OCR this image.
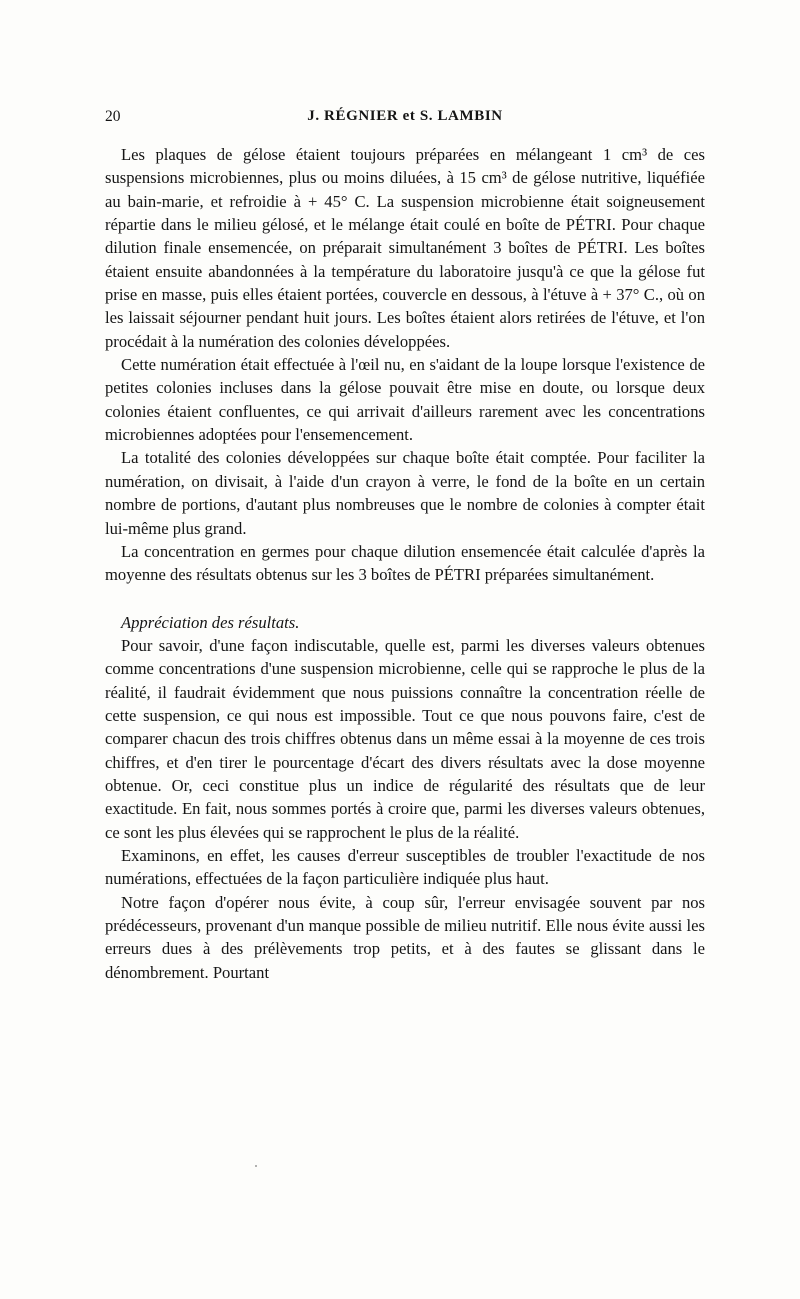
20	J. RÉGNIER et S. LAMBIN

Les plaques de gélose étaient toujours préparées en mélangeant 1 cm³ de ces suspensions microbiennes, plus ou moins diluées, à 15 cm³ de gélose nutritive, liquéfiée au bain-marie, et refroidie à + 45° C. La suspension microbienne était soigneusement répartie dans le milieu gélosé, et le mélange était coulé en boîte de PÉTRI. Pour chaque dilution finale ensemencée, on préparait simultanément 3 boîtes de PÉTRI. Les boîtes étaient ensuite abandonnées à la température du laboratoire jusqu'à ce que la gélose fut prise en masse, puis elles étaient portées, couvercle en dessous, à l'étuve à + 37° C., où on les laissait séjourner pendant huit jours. Les boîtes étaient alors retirées de l'étuve, et l'on procédait à la numération des colonies développées.

Cette numération était effectuée à l'œil nu, en s'aidant de la loupe lorsque l'existence de petites colonies incluses dans la gélose pouvait être mise en doute, ou lorsque deux colonies étaient confluentes, ce qui arrivait d'ailleurs rarement avec les concentrations microbiennes adoptées pour l'ensemencement.

La totalité des colonies développées sur chaque boîte était comptée. Pour faciliter la numération, on divisait, à l'aide d'un crayon à verre, le fond de la boîte en un certain nombre de portions, d'autant plus nombreuses que le nombre de colonies à compter était lui-même plus grand.

La concentration en germes pour chaque dilution ensemencée était calculée d'après la moyenne des résultats obtenus sur les 3 boîtes de PÉTRI préparées simultanément.

Appréciation des résultats.

Pour savoir, d'une façon indiscutable, quelle est, parmi les diverses valeurs obtenues comme concentrations d'une suspension microbienne, celle qui se rapproche le plus de la réalité, il faudrait évidemment que nous puissions connaître la concentration réelle de cette suspension, ce qui nous est impossible. Tout ce que nous pouvons faire, c'est de comparer chacun des trois chiffres obtenus dans un même essai à la moyenne de ces trois chiffres, et d'en tirer le pourcentage d'écart des divers résultats avec la dose moyenne obtenue. Or, ceci constitue plus un indice de régularité des résultats que de leur exactitude. En fait, nous sommes portés à croire que, parmi les diverses valeurs obtenues, ce sont les plus élevées qui se rapprochent le plus de la réalité.

Examinons, en effet, les causes d'erreur susceptibles de troubler l'exactitude de nos numérations, effectuées de la façon particulière indiquée plus haut.

Notre façon d'opérer nous évite, à coup sûr, l'erreur envisagée souvent par nos prédécesseurs, provenant d'un manque possible de milieu nutritif. Elle nous évite aussi les erreurs dues à des prélèvements trop petits, et à des fautes se glissant dans le dénombrement. Pourtant
